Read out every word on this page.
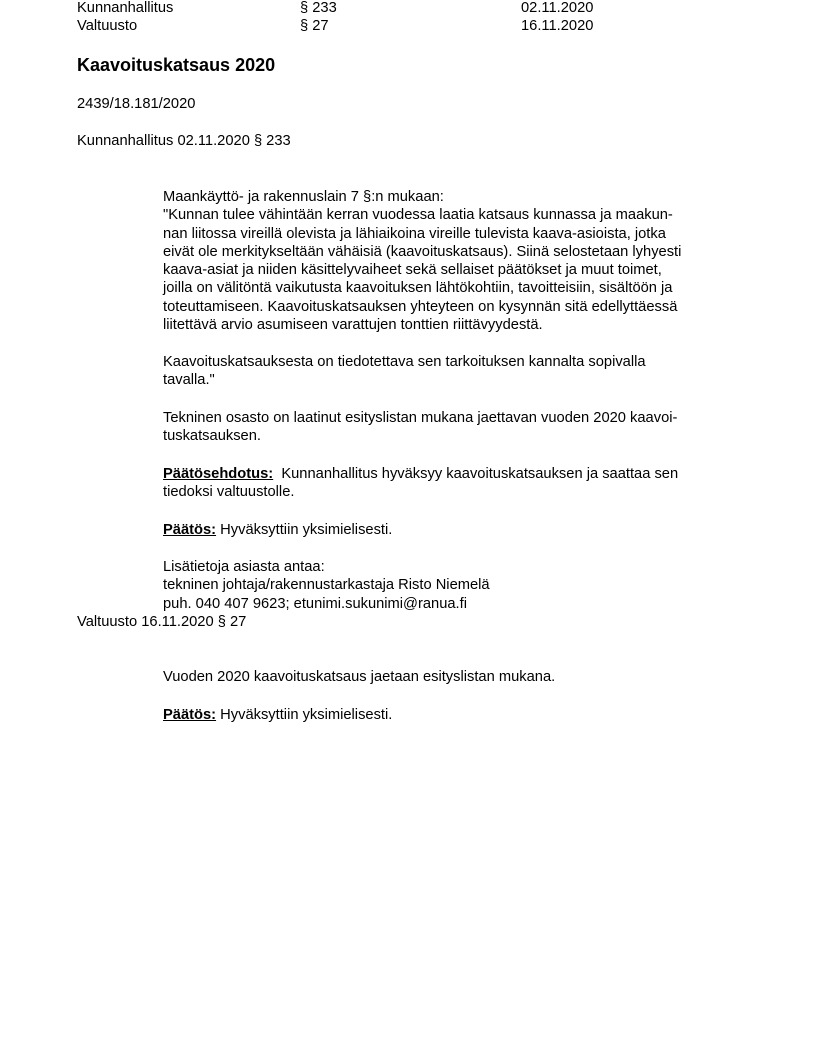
Kunnanhallitus	§ 233	02.11.2020
Valtuusto	§ 27	16.11.2020
Kaavoituskatsaus 2020
2439/18.181/2020
Kunnanhallitus 02.11.2020 § 233
Maankäyttö- ja rakennuslain 7 §:n mukaan:
"Kunnan tulee vähintään kerran vuodessa laatia katsaus kunnassa ja maakun-
nan liitossa vireillä olevista ja lähiaikoina vireille tulevista kaava-asioista, jotka
eivät ole merkitykseltään vähäisiä (kaavoituskatsaus). Siinä selostetaan lyhyesti
kaava-asiat ja niiden käsittelyvaiheet sekä sellaiset päätökset ja muut toimet,
joilla on välitöntä vaikutusta kaavoituksen lähtökohtiin, tavoitteisiin, sisältöön ja
toteuttamiseen. Kaavoituskatsauksen yhteyteen on kysynnän sitä edellyttäessä
liitettävä arvio asumiseen varattujen tonttien riittävyydestä.
Kaavoituskatsauksesta on tiedotettava sen tarkoituksen kannalta sopivalla
tavalla."
Tekninen osasto on laatinut esityslistan mukana jaettavan vuoden 2020 kaavoi-
tuskatsauksen.
Päätösehdotus: Kunnanhallitus hyväksyy kaavoituskatsauksen ja saattaa sen
tiedoksi valtuustolle.
Päätös: Hyväksyttiin yksimielisesti.
Lisätietoja asiasta antaa:
tekninen johtaja/rakennustarkastaja Risto Niemelä
puh. 040 407 9623; etunimi.sukunimi@ranua.fi
Valtuusto 16.11.2020 § 27
Vuoden 2020 kaavoituskatsaus jaetaan esityslistan mukana.
Päätös: Hyväksyttiin yksimielisesti.
